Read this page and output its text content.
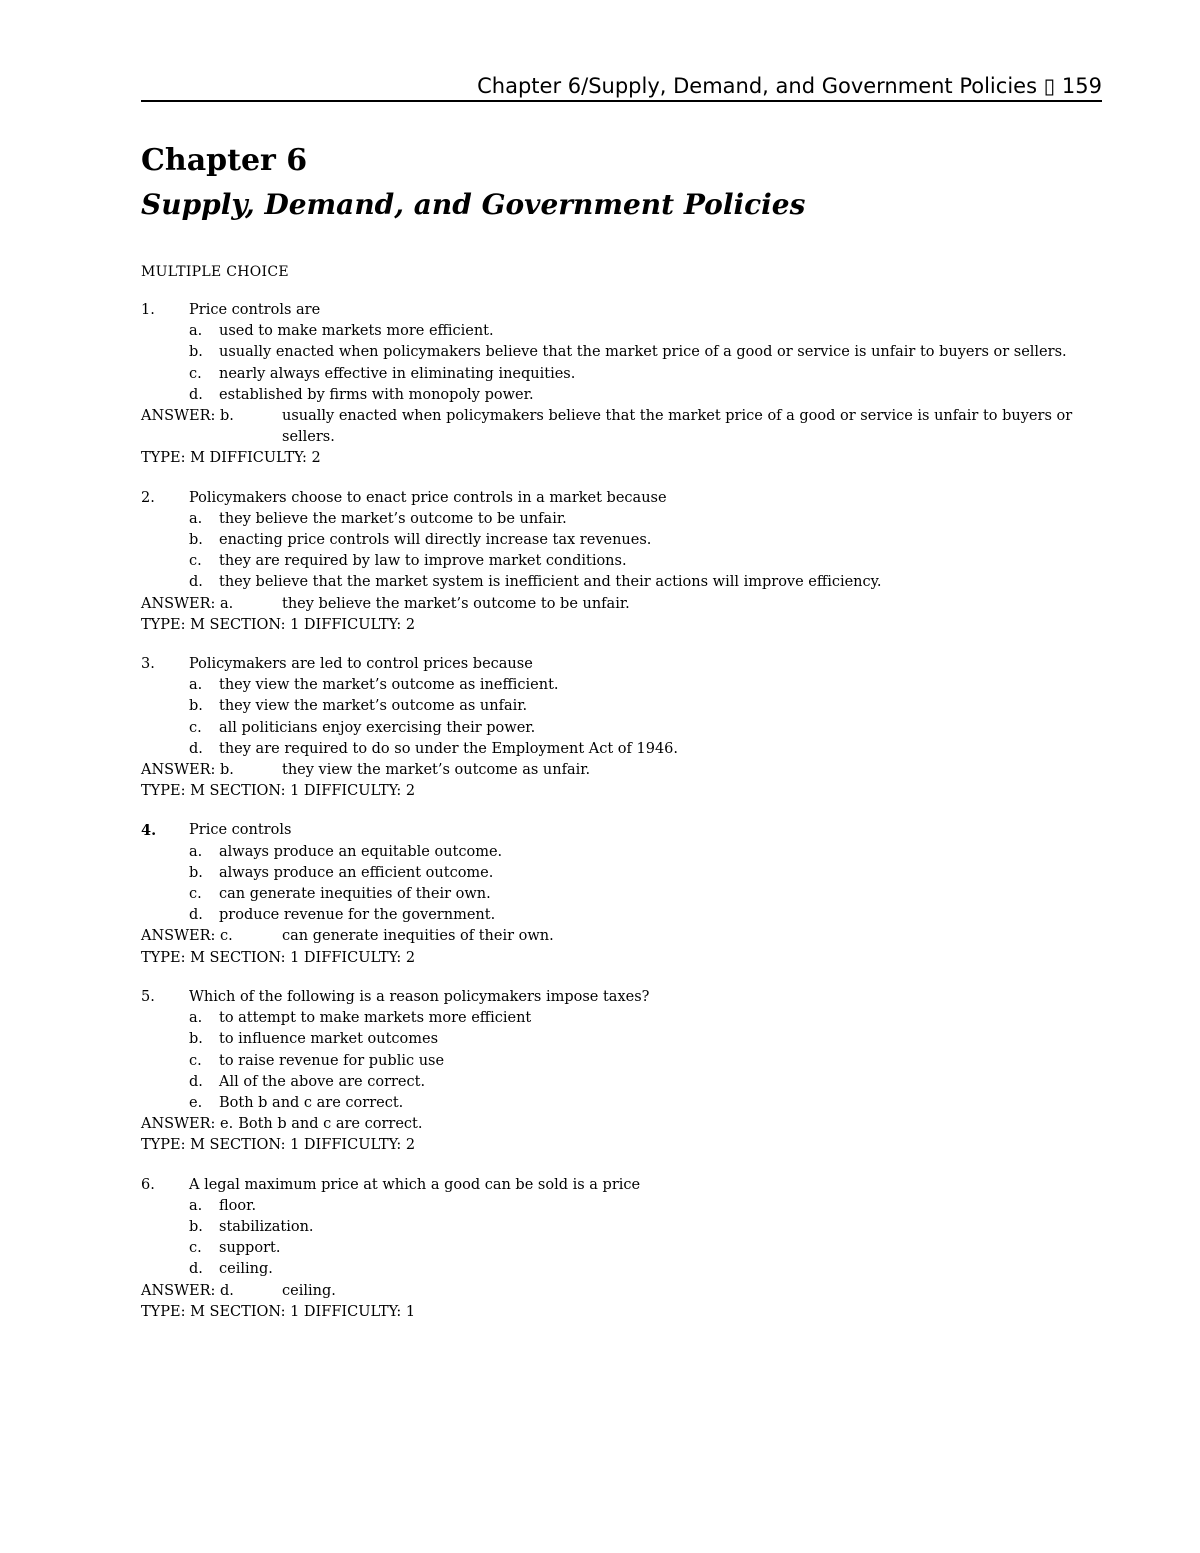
Chapter 6/Supply, Demand, and Government Policies ▯ 159
Chapter 6
Supply, Demand, and Government Policies
MULTIPLE CHOICE
1.	Price controls are
a.	used to make markets more efficient.
b.	usually enacted when policymakers believe that the market price of a good or service is unfair to buyers or sellers.
c.	nearly always effective in eliminating inequities.
d.	established by firms with monopoly power.
ANSWER: b.	usually enacted when policymakers believe that the market price of a good or service is unfair to buyers or sellers.
TYPE: M DIFFICULTY: 2
2.	Policymakers choose to enact price controls in a market because
a.	they believe the market’s outcome to be unfair.
b.	enacting price controls will directly increase tax revenues.
c.	they are required by law to improve market conditions.
d.	they believe that the market system is inefficient and their actions will improve efficiency.
ANSWER: a.	they believe the market’s outcome to be unfair.
TYPE: M SECTION: 1 DIFFICULTY: 2
3.	Policymakers are led to control prices because
a.	they view the market’s outcome as inefficient.
b.	they view the market’s outcome as unfair.
c.	all politicians enjoy exercising their power.
d.	they are required to do so under the Employment Act of 1946.
ANSWER: b.	they view the market’s outcome as unfair.
TYPE: M SECTION: 1 DIFFICULTY: 2
4.	Price controls
a.	always produce an equitable outcome.
b.	always produce an efficient outcome.
c.	can generate inequities of their own.
d.	produce revenue for the government.
ANSWER: c.	can generate inequities of their own.
TYPE: M SECTION: 1 DIFFICULTY: 2
5.	Which of the following is a reason policymakers impose taxes?
a.	to attempt to make markets more efficient
b.	to influence market outcomes
c.	to raise revenue for public use
d.	All of the above are correct.
e.	Both b and c are correct.
ANSWER: e. Both b and c are correct.
TYPE: M SECTION: 1 DIFFICULTY: 2
6.	A legal maximum price at which a good can be sold is a price
a.	floor.
b.	stabilization.
c.	support.
d.	ceiling.
ANSWER: d.	ceiling.
TYPE: M SECTION: 1 DIFFICULTY: 1
